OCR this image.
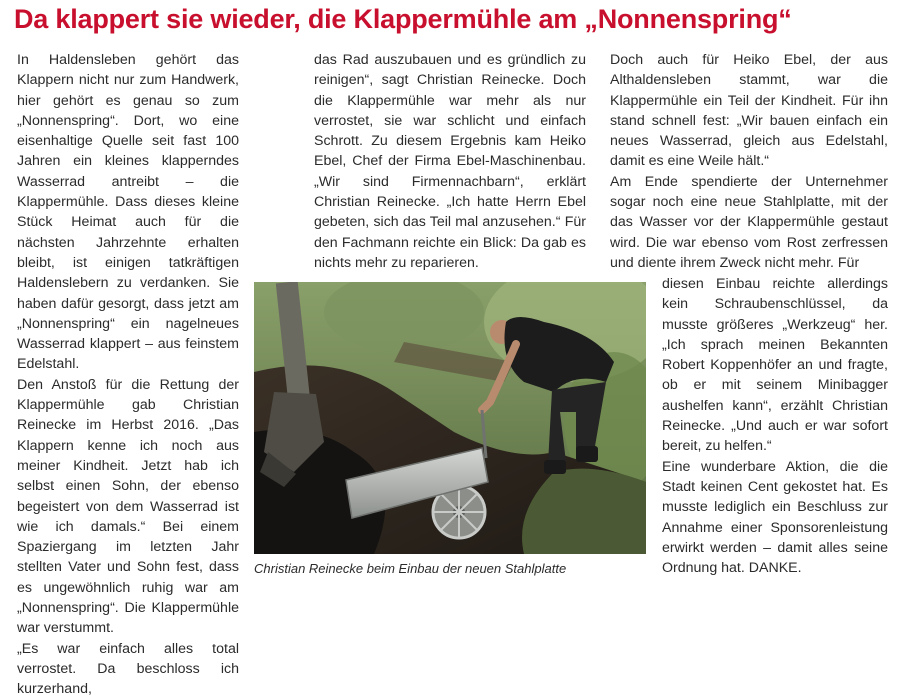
Da klappert sie wieder, die Klappermühle am „Nonnenspring“

In Haldensleben gehört das Klappern nicht nur zum Handwerk, hier gehört es genau so zum „Nonnenspring“. Dort, wo eine eisenhaltige Quelle seit fast 100 Jahren ein kleines klapperndes Wasserrad antreibt – die Klappermühle. Dass dieses kleine Stück Heimat auch für die nächsten Jahrzehnte erhalten bleibt, ist einigen tatkräftigen Haldenslebern zu verdanken. Sie haben dafür gesorgt, dass jetzt am „Nonnenspring“ ein nagelneues Wasserrad klappert – aus feinstem Edelstahl.

Den Anstoß für die Rettung der Klappermühle gab Christian Reinecke im Herbst 2016. „Das Klappern kenne ich noch aus meiner Kindheit. Jetzt hab ich selbst einen Sohn, der ebenso begeistert von dem Wasserrad ist wie ich damals.“ Bei einem Spaziergang im letzten Jahr stellten Vater und Sohn fest, dass es ungewöhnlich ruhig war am „Nonnenspring“. Die Klappermühle war verstummt.

„Es war einfach alles total verrostet. Da beschloss ich kurzerhand,

das Rad auszubauen und es gründlich zu reinigen“, sagt Christian Reinecke. Doch die Klappermühle war mehr als nur verrostet, sie war schlicht und einfach Schrott. Zu diesem Ergebnis kam Heiko Ebel, Chef der Firma Ebel-Maschinenbau. „Wir sind Firmennachbarn“, erklärt Christian Reinecke. „Ich hatte Herrn Ebel gebeten, sich das Teil mal anzusehen.“ Für den Fachmann reichte ein Blick: Da gab es nichts mehr zu reparieren.

Doch auch für Heiko Ebel, der aus Althaldensleben stammt, war die Klappermühle ein Teil der Kindheit. Für ihn stand schnell fest: „Wir bauen einfach ein neues Wasserrad, gleich aus Edelstahl, damit es eine Weile hält.“

Am Ende spendierte der Unternehmer sogar noch eine neue Stahlplatte, mit der das Wasser vor der Klappermühle gestaut wird. Die war ebenso vom Rost zerfressen und diente ihrem Zweck nicht mehr. Für

diesen Einbau reichte allerdings kein Schraubenschlüssel, da musste größeres „Werkzeug“ her. „Ich sprach meinen Bekannten Robert Koppenhöfer an und fragte, ob er mit seinem Minibagger aushelfen kann“, erzählt Christian Reinecke. „Und auch er war sofort bereit, zu helfen.“

Eine wunderbare Aktion, die die Stadt keinen Cent gekostet hat. Es musste lediglich ein Beschluss zur Annahme einer Sponsorenleistung erwirkt werden – damit alles seine Ordnung hat. DANKE.

Christian Reinecke beim Einbau der neuen Stahlplatte
